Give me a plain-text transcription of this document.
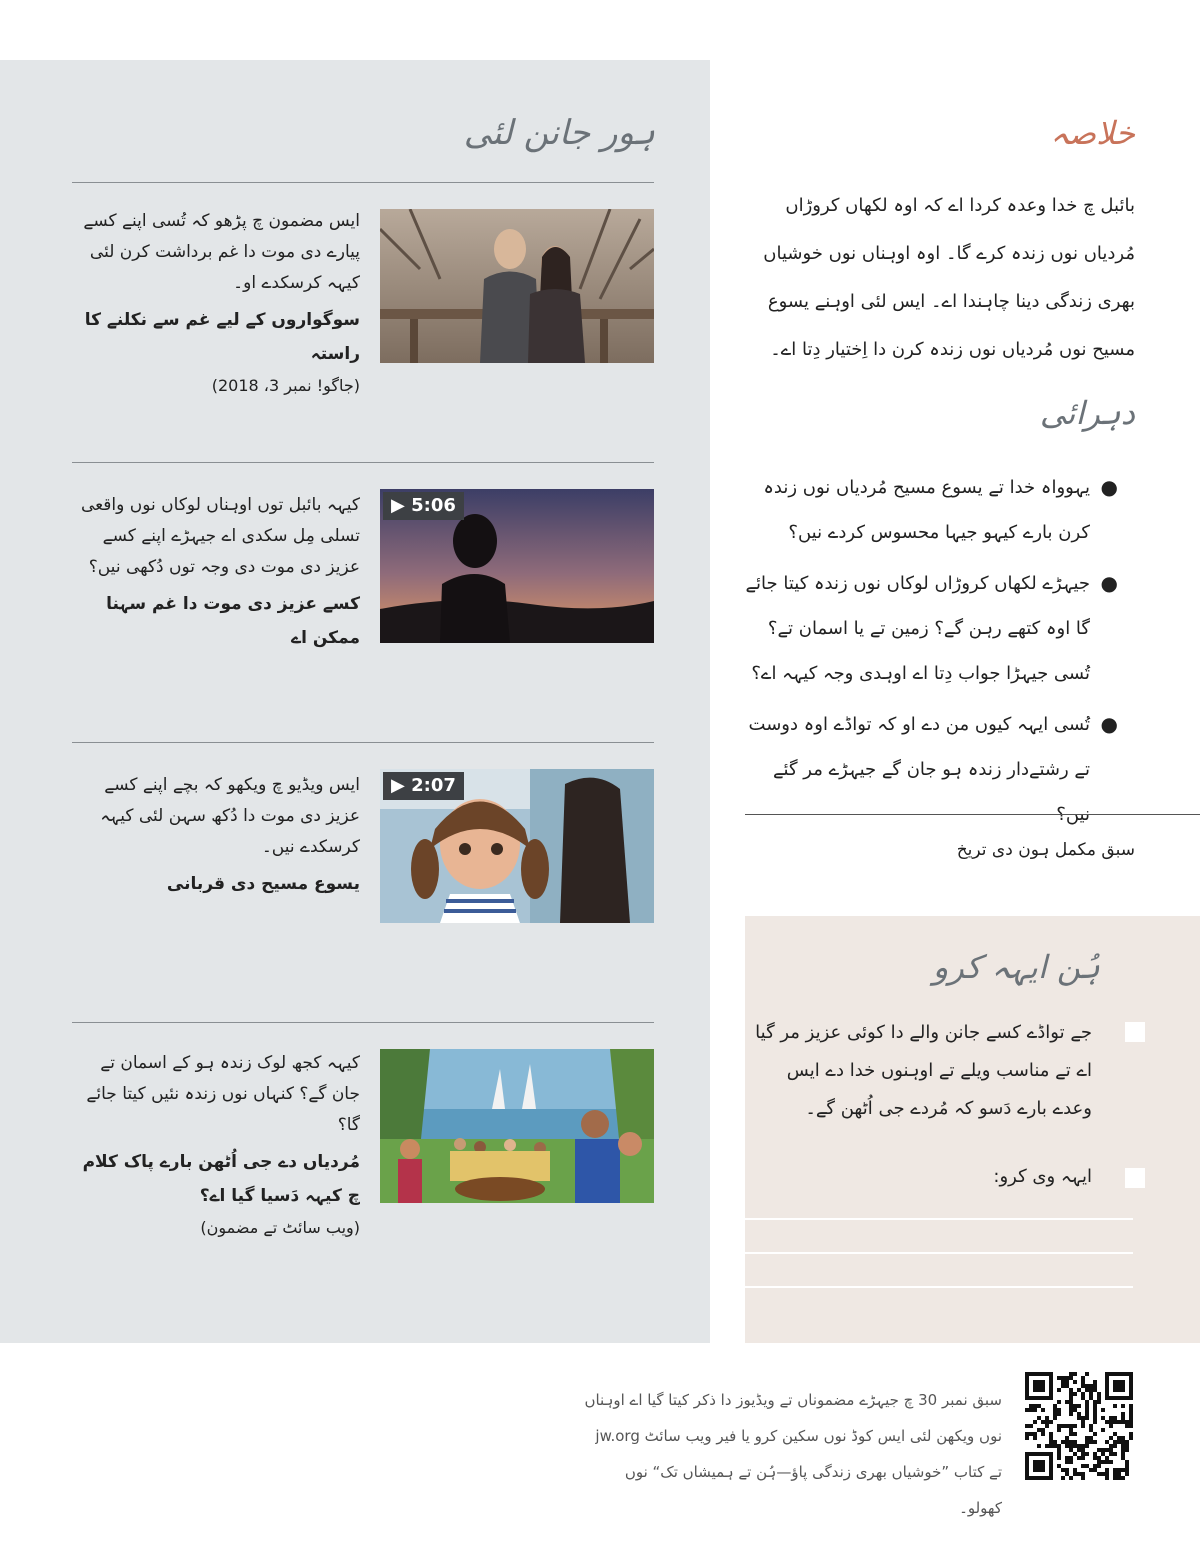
ہور جانن لئی
ایس مضمون چ پڑھو کہ تُسی اپنے کسے پیارے دی موت دا غم برداشت کرن لئی کیہہ کرسکدے او۔
سوگواروں کے لیے غم سے نکلنے کا راستہ
(جاگو! نمبر 3، 2018)
کیہہ بائبل توں اوہناں لوکاں نوں واقعی تسلی مِل سکدی اے جیہڑے اپنے کسے عزیز دی موت دی وجہ توں دُکھی نیں؟
کسے عزیز دی موت دا غم سہنا ممکن اے
▶ 5:06
ایس ویڈیو چ ویکھو کہ بچے اپنے کسے عزیز دی موت دا دُکھ سہن لئی کیہہ کرسکدے نیں۔
یسوع مسیح دی قربانی
▶ 2:07
کیہہ کجھ لوک زندہ ہو کے اسمان تے جان گے؟ کنہاں نوں زندہ نئیں کیتا جائے گا؟
مُردیاں دے جی اُٹھن بارے پاک کلام چ کیہہ دَسیا گیا اے؟
(ویب سائٹ تے مضمون)
خلاصہ
بائبل چ خدا وعدہ کردا اے کہ اوہ لکھاں کروڑاں مُردیاں نوں زندہ کرے گا۔ اوہ اوہناں نوں خوشیاں بھری زندگی دینا چاہندا اے۔ ایس لئی اوہنے یسوع مسیح نوں مُردیاں نوں زندہ کرن دا اِختیار دِتا اے۔
دہرائی
●
یہوواہ خدا تے یسوع مسیح مُردیاں نوں زندہ کرن بارے کیہو جیہا محسوس کردے نیں؟
●
جیہڑے لکھاں کروڑاں لوکاں نوں زندہ کیتا جائے گا اوہ کتھے رہن گے؟ زمین تے یا اسمان تے؟ تُسی جیہڑا جواب دِتا اے اوہدی وجہ کیہہ اے؟
●
تُسی ایہہ کیوں من دے او کہ تواڈے اوہ دوست تے رشتےدار زندہ ہو جان گے جیہڑے مر گئے نیں؟
سبق مکمل ہون دی تریخ
ہُن ایہہ کرو
جے تواڈے کسے جانن والے دا کوئی عزیز مر گیا اے تے مناسب ویلے تے اوہنوں خدا دے ایس وعدے بارے دَسو کہ مُردے جی اُٹھن گے۔
ایہہ وی کرو:
سبق نمبر 30 چ جیہڑے مضموناں تے ویڈیوز دا ذکر کیتا گیا اے اوہناں نوں ویکھن لئی ایس کوڈ نوں سکین کرو یا فیر ویب سائٹ jw.org تے کتاب ”خوشیاں بھری زندگی پاؤ—ہُن تے ہمیشاں تک“ نوں کھولو۔
